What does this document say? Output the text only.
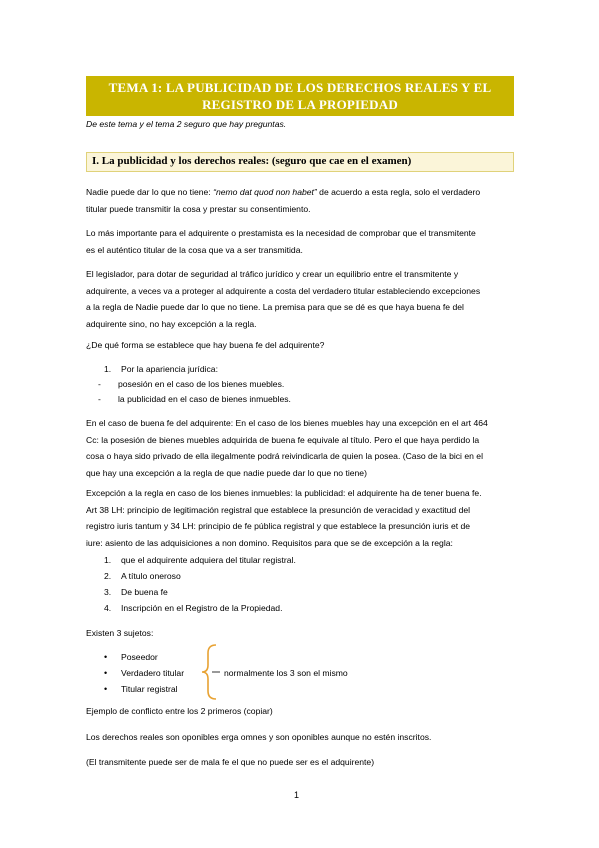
TEMA 1: LA PUBLICIDAD DE LOS DERECHOS REALES Y EL
REGISTRO DE LA PROPIEDAD
De este tema y el tema 2 seguro que hay preguntas.
I. La publicidad y los derechos reales: (seguro que cae en el examen)
Nadie puede dar lo que no tiene: “nemo dat quod non habet” de acuerdo a esta regla, solo el verdadero
titular puede transmitir la cosa y prestar su consentimiento.
Lo más importante para el adquirente o prestamista es la necesidad de comprobar que el transmitente
es el auténtico titular de la cosa que va a ser transmitida.
El legislador, para dotar de seguridad al tráfico jurídico y crear un equilibrio entre el transmitente y
adquirente, a veces va a proteger al adquirente a costa del verdadero titular estableciendo excepciones
a la regla de Nadie puede dar lo que no tiene. La premisa para que se dé es que haya buena fe del
adquirente sino, no hay excepción a la regla.
¿De qué forma se establece que hay buena fe del adquirente?
1. Por la apariencia jurídica:
- posesión en el caso de los bienes muebles.
- la publicidad en el caso de bienes inmuebles.
En el caso de buena fe del adquirente: En el caso de los bienes muebles hay una excepción en el art 464
Cc: la posesión de bienes muebles adquirida de buena fe equivale al título. Pero el que haya perdido la
cosa o haya sido privado de ella ilegalmente podrá reivindicarla de quien la posea. (Caso de la bici en el
que hay una excepción a la regla de que nadie puede dar lo que no tiene)
Excepción a la regla en caso de los bienes inmuebles: la publicidad: el adquirente ha de tener buena fe.
Art 38 LH: principio de legitimación registral que establece la presunción de veracidad y exactitud del
registro iuris tantum y 34 LH: principio de fe pública registral y que establece la presunción iuris et de
iure: asiento de las adquisiciones a non domino. Requisitos para que se de excepción a la regla:
1. que el adquirente adquiera del titular registral.
2. A título oneroso
3. De buena fe
4. Inscripción en el Registro de la Propiedad.
Existen 3 sujetos:
• Poseedor
• Verdadero titular
• Titular registral
normalmente los 3 son el mismo
Ejemplo de conflicto entre los 2 primeros (copiar)
Los derechos reales son oponibles erga omnes y son oponibles aunque no estén inscritos.
(El transmitente puede ser de mala fe el que no puede ser es el adquirente)
1
